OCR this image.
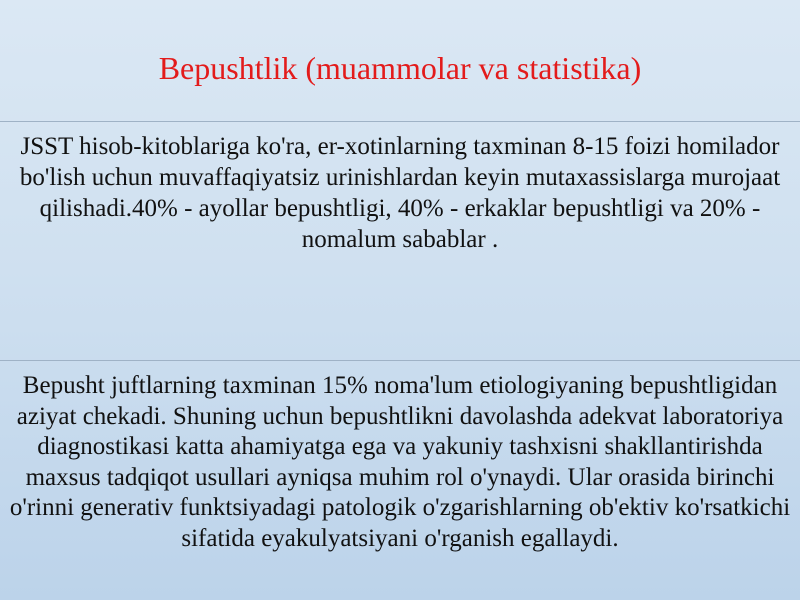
Bepushtlik (muammolar va statistika)

JSST hisob-kitoblariga ko'ra, er-xotinlarning taxminan 8-15 foizi homilador bo'lish uchun muvaffaqiyatsiz urinishlardan keyin mutaxassislarga murojaat qilishadi.40% - ayollar bepushtligi, 40% - erkaklar bepushtligi va 20% - nomalum sabablar .

Bepusht juftlarning taxminan 15% noma'lum etiologiyaning bepushtligidan aziyat chekadi. Shuning uchun bepushtlikni davolashda adekvat laboratoriya diagnostikasi katta ahamiyatga ega va yakuniy tashxisni shakllantirishda maxsus tadqiqot usullari ayniqsa muhim rol o'ynaydi. Ular orasida birinchi o'rinni generativ funktsiyadagi patologik o'zgarishlarning ob'ektiv ko'rsatkichi sifatida eyakulyatsiyani o'rganish egallaydi.
